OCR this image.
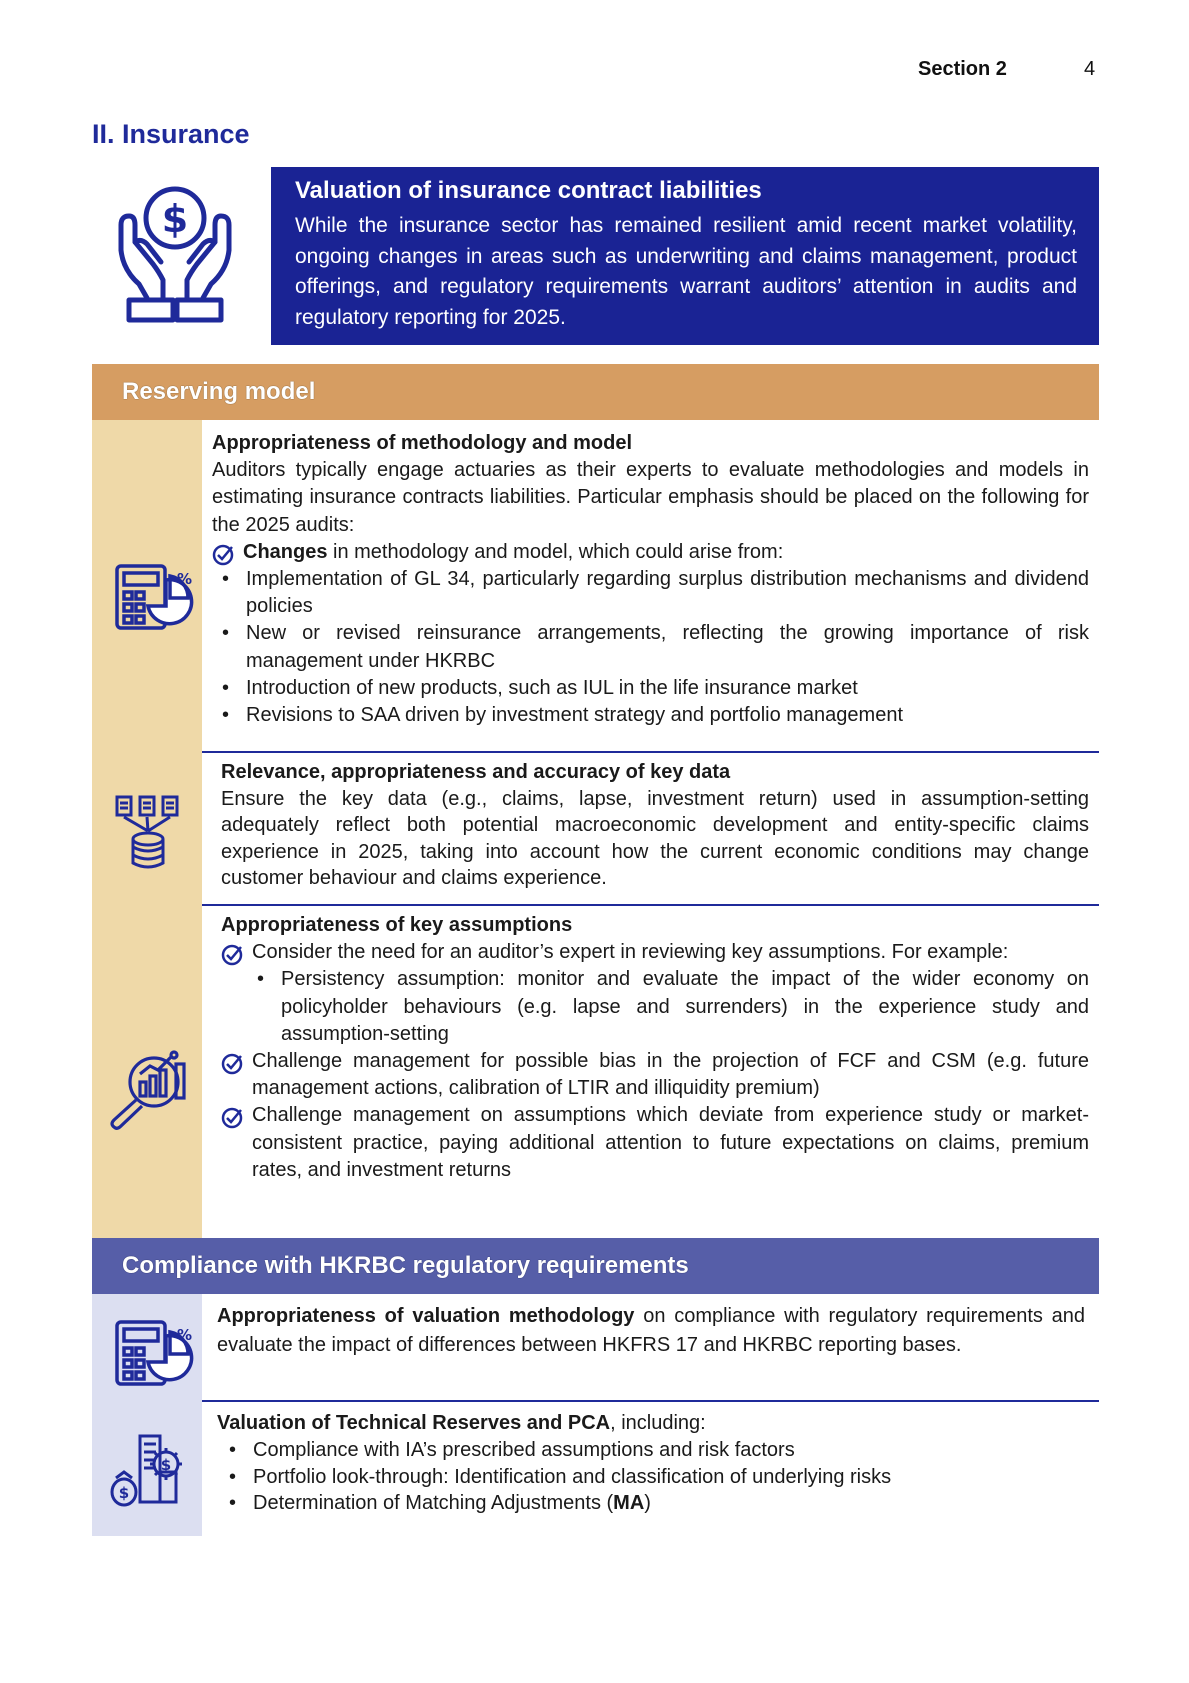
Section 2	4
II. Insurance
$
Valuation of insurance contract liabilities
While the insurance sector has remained resilient amid recent market volatility, ongoing changes in areas such as underwriting and claims management, product offerings, and regulatory requirements warrant auditors’ attention in audits and regulatory reporting for 2025.
Reserving model
%
Appropriateness of methodology and model

Auditors typically engage actuaries as their experts to evaluate methodologies and models in estimating insurance contracts liabilities. Particular emphasis should be placed on the following for the 2025 audits:

Changes in methodology and model, which could arise from:
• Implementation of GL 34, particularly regarding surplus distribution mechanisms and dividend policies
• New or revised reinsurance arrangements, reflecting the growing importance of risk management under HKRBC
• Introduction of new products, such as IUL in the life insurance market
• Revisions to SAA driven by investment strategy and portfolio management
Relevance, appropriateness and accuracy of key data

Ensure the key data (e.g., claims, lapse, investment return) used in assumption-setting adequately reflect both potential macroeconomic development and entity-specific claims experience in 2025, taking into account how the current economic conditions may change customer behaviour and claims experience.

Appropriateness of key assumptions
Consider the need for an auditor’s expert in reviewing key assumptions. For example:
• Persistency assumption: monitor and evaluate the impact of the wider economy on policyholder behaviours (e.g. lapse and surrenders) in the experience study and assumption-setting
Challenge management for possible bias in the projection of FCF and CSM (e.g. future management actions, calibration of LTIR and illiquidity premium)
Challenge management on assumptions which deviate from experience study or market-consistent practice, paying additional attention to future expectations on claims, premium rates, and investment returns
Compliance with HKRBC regulatory requirements
%
Appropriateness of valuation methodology on compliance with regulatory requirements and evaluate the impact of differences between HKFRS 17 and HKRBC reporting bases.
$
$
Valuation of Technical Reserves and PCA, including:
• Compliance with IA’s prescribed assumptions and risk factors
• Portfolio look-through: Identification and classification of underlying risks
• Determination of Matching Adjustments (MA)
